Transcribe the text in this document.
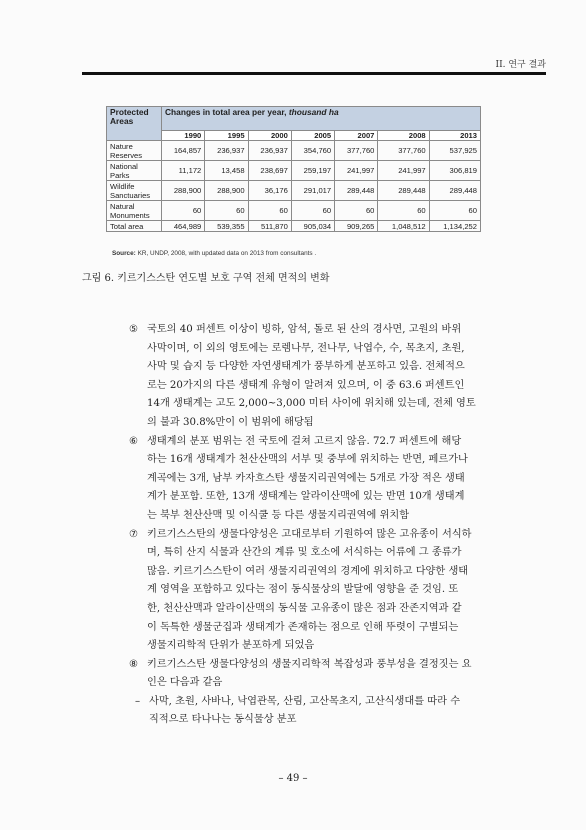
II. 연구 결과
Protected Areas	Changes in total area per year, thousand ha						
	1990	1995	2000	2005	2007	2008	2013

Nature
Reserves	164,857	236,937	236,937	354,760	377,760	377,760	537,925

National
Parks	11,172	13,458	238,697	259,197	241,997	241,997	306,819

Wildlife
Sanctuaries	288,900	288,900	36,176	291,017	289,448	289,448	289,448

Natural
Monuments	60	60	60	60	60	60	60

Total area	464,989	539,355	511,870	905,034	909,265	1,048,512	1,134,252
Source: KR, UNDP, 2008, with updated data on 2013 from consultants .
그림 6. 키르기스스탄 연도별 보호 구역 전체 면적의 변화
⑤ 국토의 40 퍼센트 이상이 빙하, 암석, 돌로 된 산의 경사면, 고원의 바위
사막이며, 이 외의 영토에는 로렘나무, 전나무, 낙엽수, 수, 목초지, 초원,
사막 및 습지 등 다양한 자연생태계가 풍부하게 분포하고 있음. 전체적으
로는 20가지의 다른 생태계 유형이 알려져 있으며, 이 중 63.6 퍼센트인
14개 생태계는 고도 2,000~3,000 미터 사이에 위치해 있는데, 전체 영토
의 불과 30.8%만이 이 범위에 해당됨
⑥ 생태계의 분포 범위는 전 국토에 걸쳐 고르지 않음. 72.7 퍼센트에 해당
하는 16개 생태계가 천산산맥의 서부 및 중부에 위치하는 반면, 페르가나
계곡에는 3개, 남부 카자흐스탄 생물지리권역에는 5개로 가장 적은 생태
계가 분포함. 또한, 13개 생태계는 알라이산맥에 있는 반면 10개 생태계
는 북부 천산산맥 및 이식쿨 등 다른 생물지리권역에 위치함
⑦ 키르기스스탄의 생물다양성은 고대로부터 기원하여 많은 고유종이 서식하
며, 특히 산지 식물과 산간의 계류 및 호소에 서식하는 어류에 그 종류가
많음. 키르기스스탄이 여러 생물지리권역의 경계에 위치하고 다양한 생태
계 영역을 포함하고 있다는 점이 동식물상의 발달에 영향을 준 것임. 또
한, 천산산맥과 알라이산맥의 동식물 고유종이 많은 점과 잔존지역과 같
이 독특한 생물군집과 생태계가 존재하는 점으로 인해 뚜렷이 구별되는
생물지리학적 단위가 분포하게 되었음
⑧ 키르기스스탄 생물다양성의 생물지리학적 복잡성과 풍부성을 결정짓는 요
인은 다음과 같음
– 사막, 초원, 사바나, 낙엽관목, 산림, 고산목초지, 고산식생대를 따라 수
직적으로 타나나는 동식물상 분포
– 49 –
